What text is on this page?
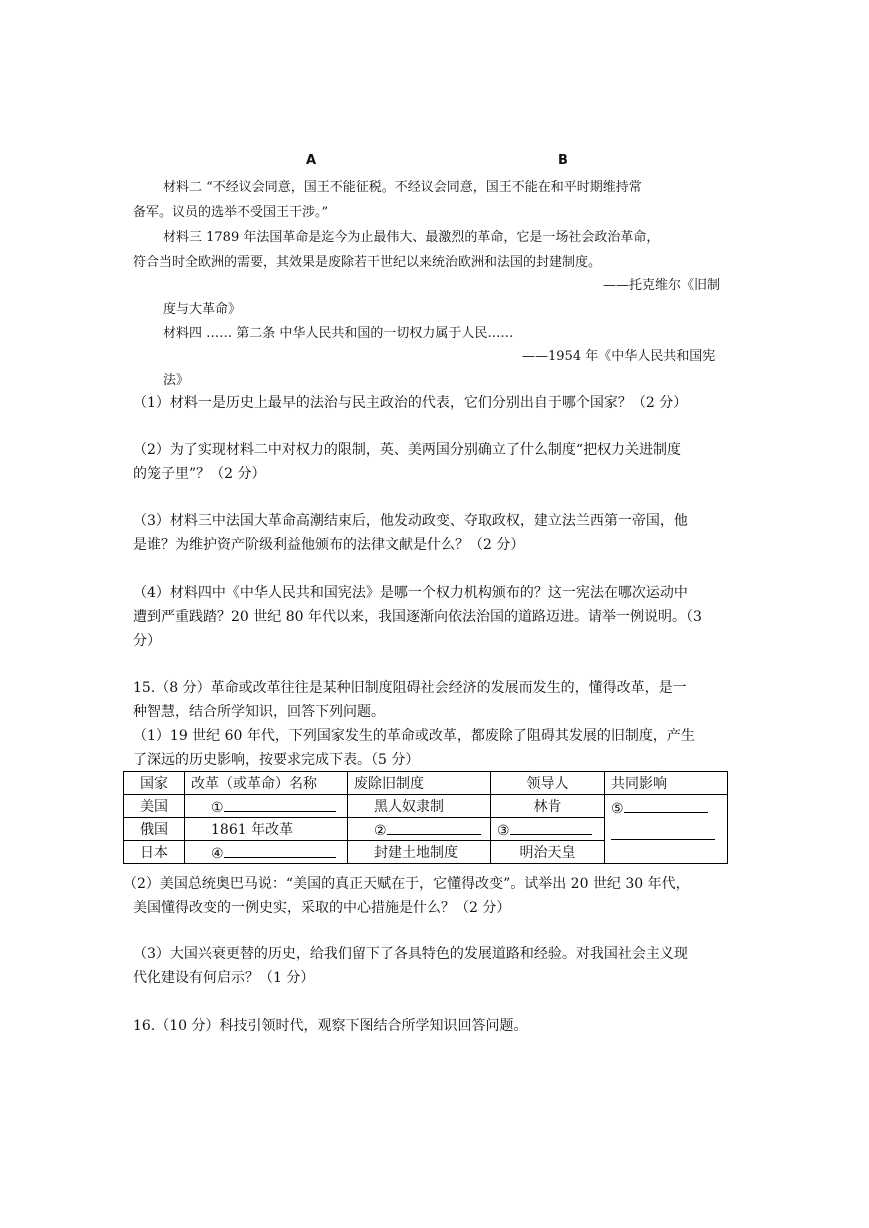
A	B
材料二 “不经议会同意，国王不能征税。不经议会同意，国王不能在和平时期维持常
备军。议员的选举不受国王干涉。”
材料三 1789 年法国革命是迄今为止最伟大、最激烈的革命，它是一场社会政治革命，
符合当时全欧洲的需要，其效果是废除若干世纪以来统治欧洲和法国的封建制度。
——托克维尔《旧制
度与大革命》
材料四 …… 第二条 中华人民共和国的一切权力属于人民……
——1954 年《中华人民共和国宪
法》
（1）材料一是历史上最早的法治与民主政治的代表，它们分别出自于哪个国家？（2 分）
（2）为了实现材料二中对权力的限制，英、美两国分别确立了什么制度“把权力关进制度
的笼子里”？（2 分）
（3）材料三中法国大革命高潮结束后，他发动政变、夺取政权，建立法兰西第一帝国，他
是谁？为维护资产阶级利益他颁布的法律文献是什么？（2 分）
（4）材料四中《中华人民共和国宪法》是哪一个权力机构颁布的？这一宪法在哪次运动中
遭到严重践踏？20 世纪 80 年代以来，我国逐渐向依法治国的道路迈进。请举一例说明。（3
分）
15.（8 分）革命或改革往往是某种旧制度阻碍社会经济的发展而发生的，懂得改革，是一
种智慧，结合所学知识，回答下列问题。
（1）19 世纪 60 年代，下列国家发生的革命或改革，都废除了阻碍其发展的旧制度，产生
了深远的历史影响，按要求完成下表。（5 分）
国家	改革（或革命）名称	废除旧制度	领导人	共同影响
美国	①	黑人奴隶制	林肯	⑤

俄国	1861 年改革	②	③	
日本	④	封建土地制度	明治天皇	
（2）美国总统奥巴马说：“美国的真正天赋在于，它懂得改变”。试举出 20 世纪 30 年代，
美国懂得改变的一例史实，采取的中心措施是什么？（2 分）
（3）大国兴衰更替的历史，给我们留下了各具特色的发展道路和经验。对我国社会主义现
代化建设有何启示？（1 分）
16.（10 分）科技引领时代，观察下图结合所学知识回答问题。
